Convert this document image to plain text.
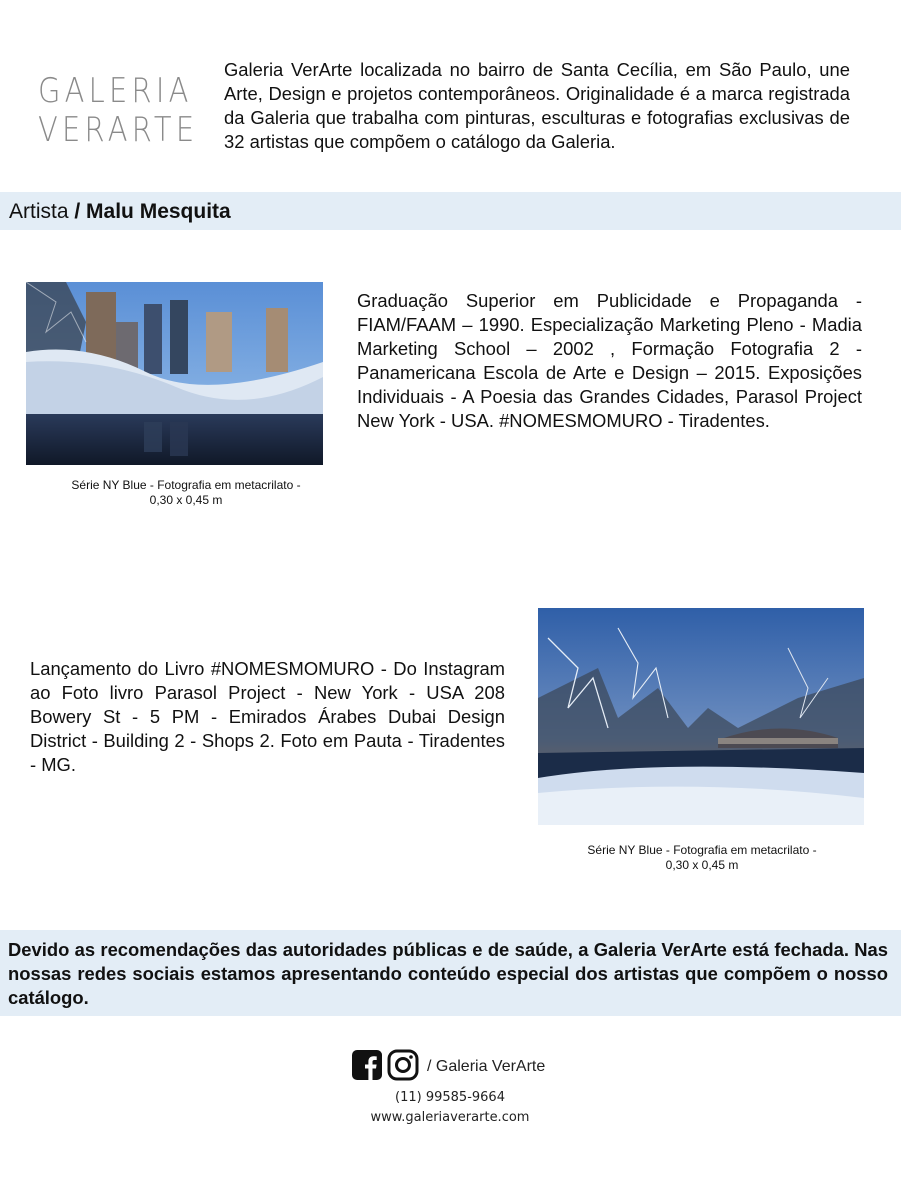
GALERIA
VERARTE
Galeria VerArte localizada no bairro de Santa Cecília, em São Paulo, une Arte, Design e projetos contemporâneos. Originalidade é a marca registrada da Galeria que trabalha com pinturas, esculturas e fotografias exclusivas de 32 artistas que compõem o catálogo da Galeria.
Artista / Malu Mesquita
Série NY Blue - Fotografia em metacrilato -
0,30 x 0,45 m
Graduação Superior em Publicidade e Propaganda - FIAM/FAAM – 1990. Especialização Marketing Pleno - Madia Marketing School – 2002 , Formação Fotografia 2 - Panamericana Escola de Arte e Design – 2015. Exposições Individuais - A Poesia das Grandes Cidades, Parasol Project New York - USA. #NOMESMOMURO - Tiradentes.
Lançamento do Livro #NOMESMOMURO - Do Instagram ao Foto livro Parasol Project - New York - USA 208 Bowery St - 5 PM - Emirados Árabes Dubai Design District - Building 2 - Shops 2. Foto em Pauta - Tiradentes - MG.
Série NY Blue - Fotografia em metacrilato -
0,30 x 0,45 m

Devido as recomendações das autoridades públicas e de saúde, a Galeria VerArte está fechada. Nas nossas redes sociais estamos apresentando conteúdo especial dos artistas que compõem o nosso catálogo.

/ Galeria VerArte
(11) 99585-9664
www.galeriaverarte.com
